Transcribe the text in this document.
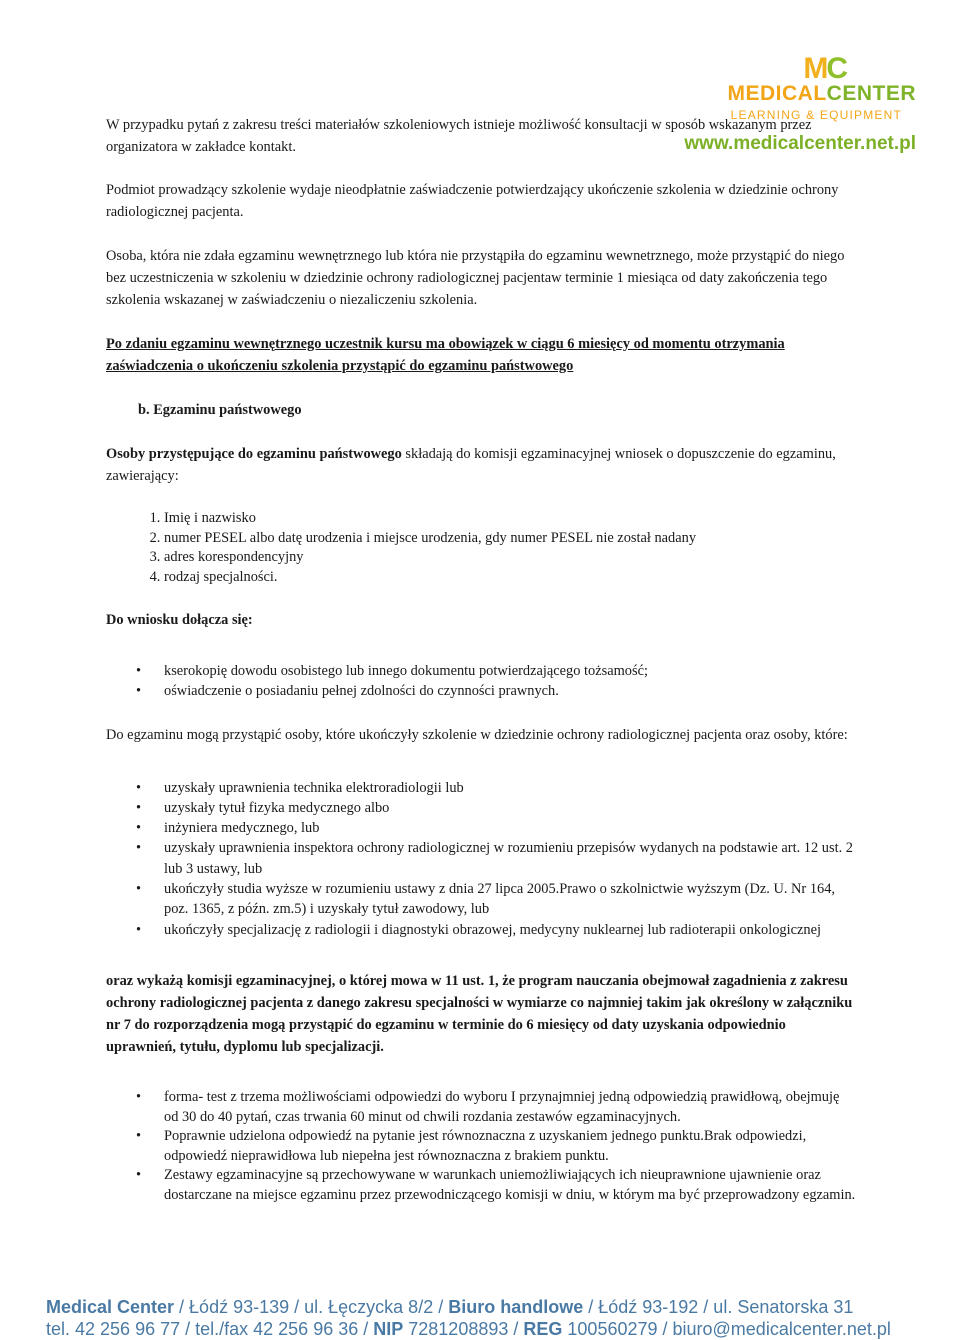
MC
MEDICALCENTER
LEARNING & EQUIPMENT
www.medicalcenter.net.pl

W przypadku pytań z zakresu treści materiałów szkoleniowych istnieje możliwość konsultacji w sposób wskazanym przez organizatora w zakładce kontakt.

Podmiot prowadzący szkolenie wydaje nieodpłatnie zaświadczenie potwierdzający ukończenie szkolenia w dziedzinie ochrony radiologicznej pacjenta.

Osoba, która nie zdała egzaminu wewnętrznego lub która nie przystąpiła do egzaminu wewnetrznego, może przystąpić do niego bez uczestniczenia w szkoleniu w dziedzinie ochrony radiologicznej pacjentaw terminie 1 miesiąca od daty zakończenia tego szkolenia wskazanej w zaświadczeniu o niezaliczeniu szkolenia.

Po zdaniu egzaminu wewnętrznego uczestnik kursu ma obowiązek w ciągu 6 miesięcy od momentu otrzymania zaświadczenia o ukończeniu szkolenia przystąpić do egzaminu państwowego

b. Egzaminu państwowego

Osoby przystępujące do egzaminu państwowego składają do komisji egzaminacyjnej wniosek o dopuszczenie do egzaminu, zawierający:

1. Imię i nazwisko
2. numer PESEL albo datę urodzenia i miejsce urodzenia, gdy numer PESEL nie został nadany
3. adres korespondencyjny
4. rodzaj specjalności.

Do wniosku dołącza się:

• kserokopię dowodu osobistego lub innego dokumentu potwierdzającego tożsamość;
• oświadczenie o posiadaniu pełnej zdolności do czynności prawnych.

Do egzaminu mogą przystąpić osoby, które ukończyły szkolenie w dziedzinie ochrony radiologicznej pacjenta oraz osoby, które:

• uzyskały uprawnienia technika elektroradiologii lub
• uzyskały tytuł fizyka medycznego albo
• inżyniera medycznego, lub
• uzyskały uprawnienia inspektora ochrony radiologicznej w rozumieniu przepisów wydanych na podstawie art. 12 ust. 2 lub 3 ustawy, lub
• ukończyły studia wyższe w rozumieniu ustawy z dnia 27 lipca 2005.Prawo o szkolnictwie wyższym (Dz. U. Nr 164, poz. 1365, z późn. zm.5) i uzyskały tytuł zawodowy, lub
• ukończyły specjalizację z radiologii i diagnostyki obrazowej, medycyny nuklearnej lub radioterapii onkologicznej

oraz wykażą komisji egzaminacyjnej, o której mowa w 11 ust. 1, że program nauczania obejmował zagadnienia z zakresu ochrony radiologicznej pacjenta z danego zakresu specjalności w wymiarze co najmniej takim jak określony w załączniku nr 7 do rozporządzenia mogą przystąpić do egzaminu w terminie do 6 miesięcy od daty uzyskania odpowiednio uprawnień, tytułu, dyplomu lub specjalizacji.

• forma- test z trzema możliwościami odpowiedzi do wyboru I przynajmniej jedną odpowiedzią prawidłową, obejmuję od 30 do 40 pytań, czas trwania 60 minut od chwili rozdania zestawów egzaminacyjnych.
• Poprawnie udzielona odpowiedź na pytanie jest równoznaczna z uzyskaniem jednego punktu.Brak odpowiedzi, odpowiedź nieprawidłowa lub niepełna jest równoznaczna z brakiem punktu.
• Zestawy egzaminacyjne są przechowywane w warunkach uniemożliwiających ich nieuprawnione ujawnienie oraz dostarczane na miejsce egzaminu przez przewodniczącego komisji w dniu, w którym ma być przeprowadzony egzamin.
Medical Center / Łódź 93-139 / ul. Łęczycka 8/2 / Biuro handlowe / Łódź 93-192 / ul. Senatorska 31
tel. 42 256 96 77 / tel./fax 42 256 96 36 / NIP 7281208893 / REG 100560279 / biuro@medicalcenter.net.pl
